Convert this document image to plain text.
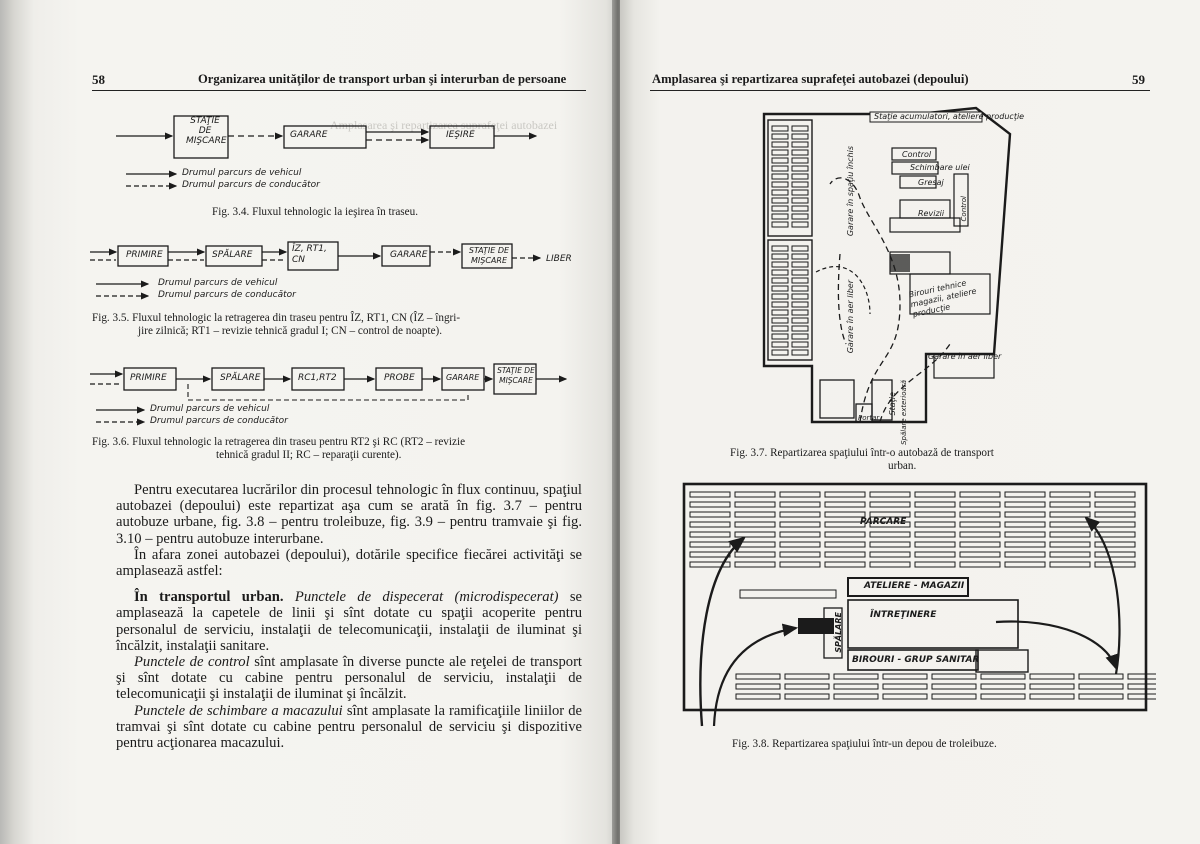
58	Organizarea unităţilor de transport urban şi interurban de persoane
Amplasarea şi repartizarea suprafeţei autobazei
STAŢIE DE MIŞCARE
GARARE	IEŞIRE
Drumul parcurs de vehicul
Drumul parcurs de conducător
Fig. 3.4. Fluxul tehnologic la ieşirea în traseu.
PRIMIRE	SPĂLARE
ÎZ, RT1, CN	GARARE	STAŢIE DE MIŞCARE	LIBER
Drumul parcurs de vehicul
Drumul parcurs de conducător
Fig. 3.5. Fluxul tehnologic la retragerea din traseu pentru ÎZ, RT1, CN (ÎZ – îngri-
jire zilnică; RT1 – revizie tehnică gradul I; CN – control de noapte).
PRIMIRE	SPĂLARE	RC1,RT2	PROBE	GARARE
STAŢIE DE MIŞCARE
Drumul parcurs de vehicul
Drumul parcurs de conducător
Fig. 3.6. Fluxul tehnologic la retragerea din traseu pentru RT2 şi RC (RT2 – revizie
tehnică gradul II; RC – reparaţii curente).

Pentru executarea lucrărilor din procesul tehnologic în flux continuu, spaţiul autobazei (depoului) este repartizat aşa cum se arată în fig. 3.7 – pentru autobuze urbane, fig. 3.8 – pentru troleibuze, fig. 3.9 – pentru tramvaie şi fig. 3.10 – pentru autobuze interurbane.

În afara zonei autobazei (depoului), dotările specifice fiecărei activităţi se amplasează astfel:

În transportul urban. Punctele de dispecerat (microdispecerat) se amplasează la capetele de linii şi sînt dotate cu spaţii acoperite pentru personalul de serviciu, instalaţii de telecomunicaţii, instalaţii de iluminat şi încălzit, instalaţii sanitare.

Punctele de control sînt amplasate în diverse puncte ale reţelei de transport şi sînt dotate cu cabine pentru personalul de serviciu, instalaţii de telecomunicaţii şi instalaţii de iluminat şi încălzit.

Punctele de schimbare a macazului sînt amplasate la ramificaţiile liniilor de tramvai şi sînt dotate cu cabine pentru personalul de serviciu şi dispozitive pentru acţionarea macazului.

Amplasarea şi repartizarea suprafeţei autobazei (depoului)	59
Staţie acumulatori, ateliere producţie
Control
Schimbare ulei
Gresaj
Revizii Control
Garare în spaţiu închis
Garare în aer liber	Birouri tehnice magazii, ateliere producţie
Garare în aer liber
Staţie Spălare exterioară
Portar
Fig. 3.7. Repartizarea spaţiului într-o autobază de transport
urban.
PARCARE
ATELIERE - MAGAZII
ÎNTREŢINERE
SPĂLARE
BIROURI - GRUP SANITAR
Fig. 3.8. Repartizarea spaţiului într-un depou de troleibuze.
